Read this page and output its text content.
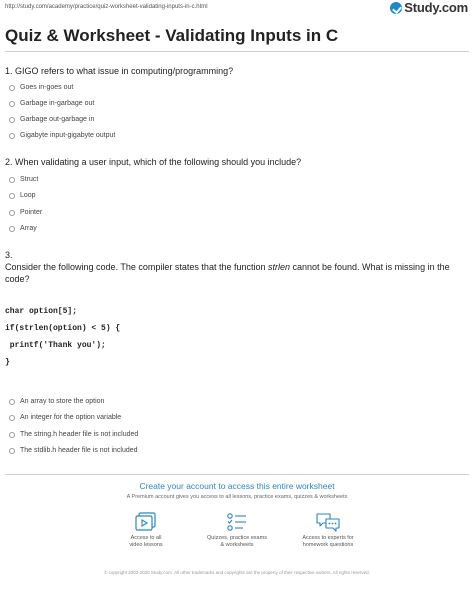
http://study.com/academy/practice/quiz-worksheet-validating-inputs-in-c.html	Study.com
Quiz & Worksheet - Validating Inputs in C
1. GIGO refers to what issue in computing/programming?
Goes in-goes out
Garbage in-garbage out
Garbage out-garbage in
Gigabyte input-gigabyte output
2. When validating a user input, which of the following should you include?
Struct
Loop
Pointer
Array
3.
Consider the following code. The compiler states that the function strlen cannot be found. What is missing in the code?
char option[5];
if(strlen(option) < 5) {
printf('Thank you');
}
An array to store the option
An integer for the option variable
The string.h header file is not included
The stdlib.h header file is not included
Create your account to access this entire worksheet
A Premium account gives you access to all lessons, practice exams, quizzes & worksheets
Access to all
video lessons
Quizzes, practice exams
& worksheets
Access to experts for
homework questions
© copyright 2003-2020 Study.com. All other trademarks and copyrights are the property of their respective owners. All rights reserved.
